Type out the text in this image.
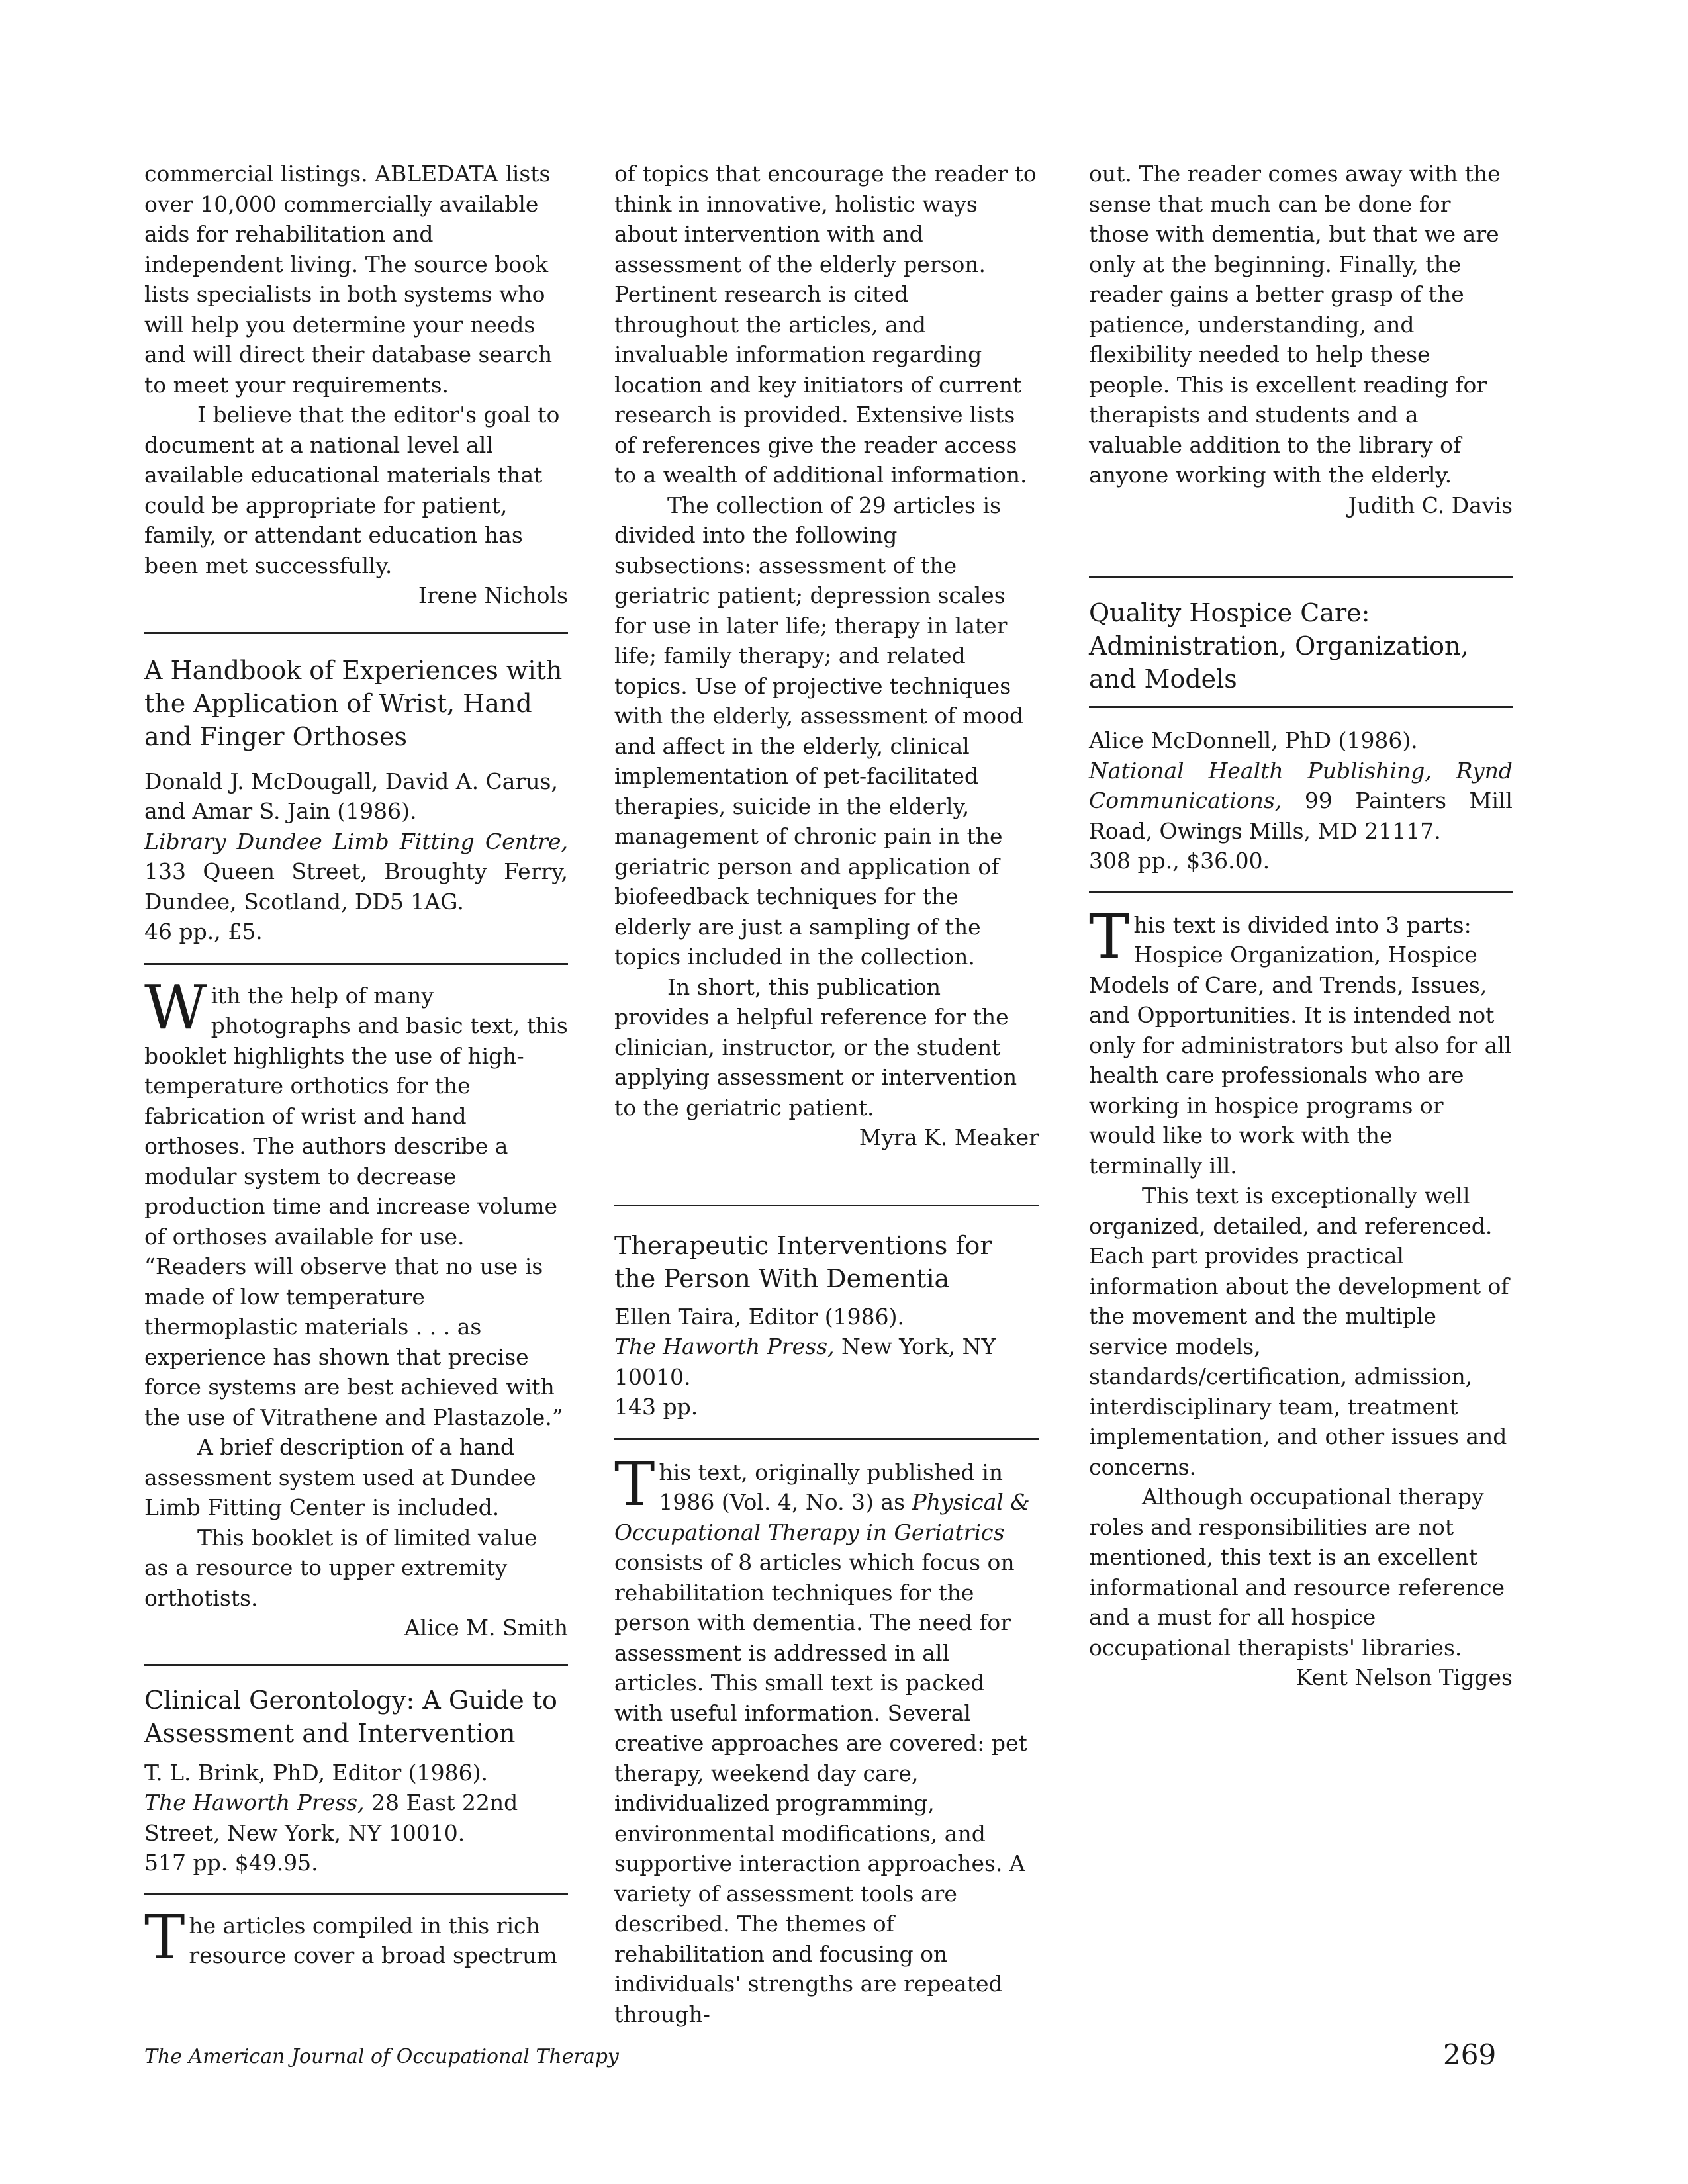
commercial listings. ABLEDATA lists over 10,000 commercially available aids for rehabilitation and independent living. The source book lists specialists in both systems who will help you determine your needs and will direct their database search to meet your requirements.

I believe that the editor's goal to document at a national level all available educational materials that could be appropriate for patient, family, or attendant education has been met successfully.

Irene Nichols

A Handbook of Experiences with the Application of Wrist, Hand and Finger Orthoses

Donald J. McDougall, David A. Carus, and Amar S. Jain (1986).

Library Dundee Limb Fitting Centre, 133 Queen Street, Broughty Ferry, Dundee, Scotland, DD5 1AG.

46 pp., £5.

With the help of many photographs and basic text, this booklet highlights the use of high-temperature orthotics for the fabrication of wrist and hand orthoses. The authors describe a modular system to decrease production time and increase volume of orthoses available for use. “Readers will observe that no use is made of low temperature thermoplastic materials . . . as experience has shown that precise force systems are best achieved with the use of Vitrathene and Plastazole.”

A brief description of a hand assessment system used at Dundee Limb Fitting Center is included.

This booklet is of limited value as a resource to upper extremity orthotists.

Alice M. Smith

Clinical Gerontology: A Guide to Assessment and Intervention

T. L. Brink, PhD, Editor (1986).

The Haworth Press, 28 East 22nd Street, New York, NY 10010.

517 pp. $49.95.

The articles compiled in this rich resource cover a broad spectrum

of topics that encourage the reader to think in innovative, holistic ways about intervention with and assessment of the elderly person. Pertinent research is cited throughout the articles, and invaluable information regarding location and key initiators of current research is provided. Extensive lists of references give the reader access to a wealth of additional information.

The collection of 29 articles is divided into the following subsections: assessment of the geriatric patient; depression scales for use in later life; therapy in later life; family therapy; and related topics. Use of projective techniques with the elderly, assessment of mood and affect in the elderly, clinical implementation of pet-facilitated therapies, suicide in the elderly, management of chronic pain in the geriatric person and application of biofeedback techniques for the elderly are just a sampling of the topics included in the collection.

In short, this publication provides a helpful reference for the clinician, instructor, or the student applying assessment or intervention to the geriatric patient.

Myra K. Meaker

Therapeutic Interventions for the Person With Dementia

Ellen Taira, Editor (1986).

The Haworth Press, New York, NY 10010.

143 pp.

This text, originally published in 1986 (Vol. 4, No. 3) as Physical & Occupational Therapy in Geriatrics consists of 8 articles which focus on rehabilitation techniques for the person with dementia. The need for assessment is addressed in all articles. This small text is packed with useful information. Several creative approaches are covered: pet therapy, weekend day care, individualized programming, environmental modifications, and supportive interaction approaches. A variety of assessment tools are described. The themes of rehabilitation and focusing on individuals' strengths are repeated through-

out. The reader comes away with the sense that much can be done for those with dementia, but that we are only at the beginning. Finally, the reader gains a better grasp of the patience, understanding, and flexibility needed to help these people. This is excellent reading for therapists and students and a valuable addition to the library of anyone working with the elderly.

Judith C. Davis

Quality Hospice Care: Administration, Organization, and Models

Alice McDonnell, PhD (1986).

National Health Publishing, Rynd Communications, 99 Painters Mill Road, Owings Mills, MD 21117.

308 pp., $36.00.

This text is divided into 3 parts: Hospice Organization, Hospice Models of Care, and Trends, Issues, and Opportunities. It is intended not only for administrators but also for all health care professionals who are working in hospice programs or would like to work with the terminally ill.

This text is exceptionally well organized, detailed, and referenced. Each part provides practical information about the development of the movement and the multiple service models, standards/certification, admission, interdisciplinary team, treatment implementation, and other issues and concerns.

Although occupational therapy roles and responsibilities are not mentioned, this text is an excellent informational and resource reference and a must for all hospice occupational therapists' libraries.

Kent Nelson Tigges

The American Journal of Occupational Therapy	269
